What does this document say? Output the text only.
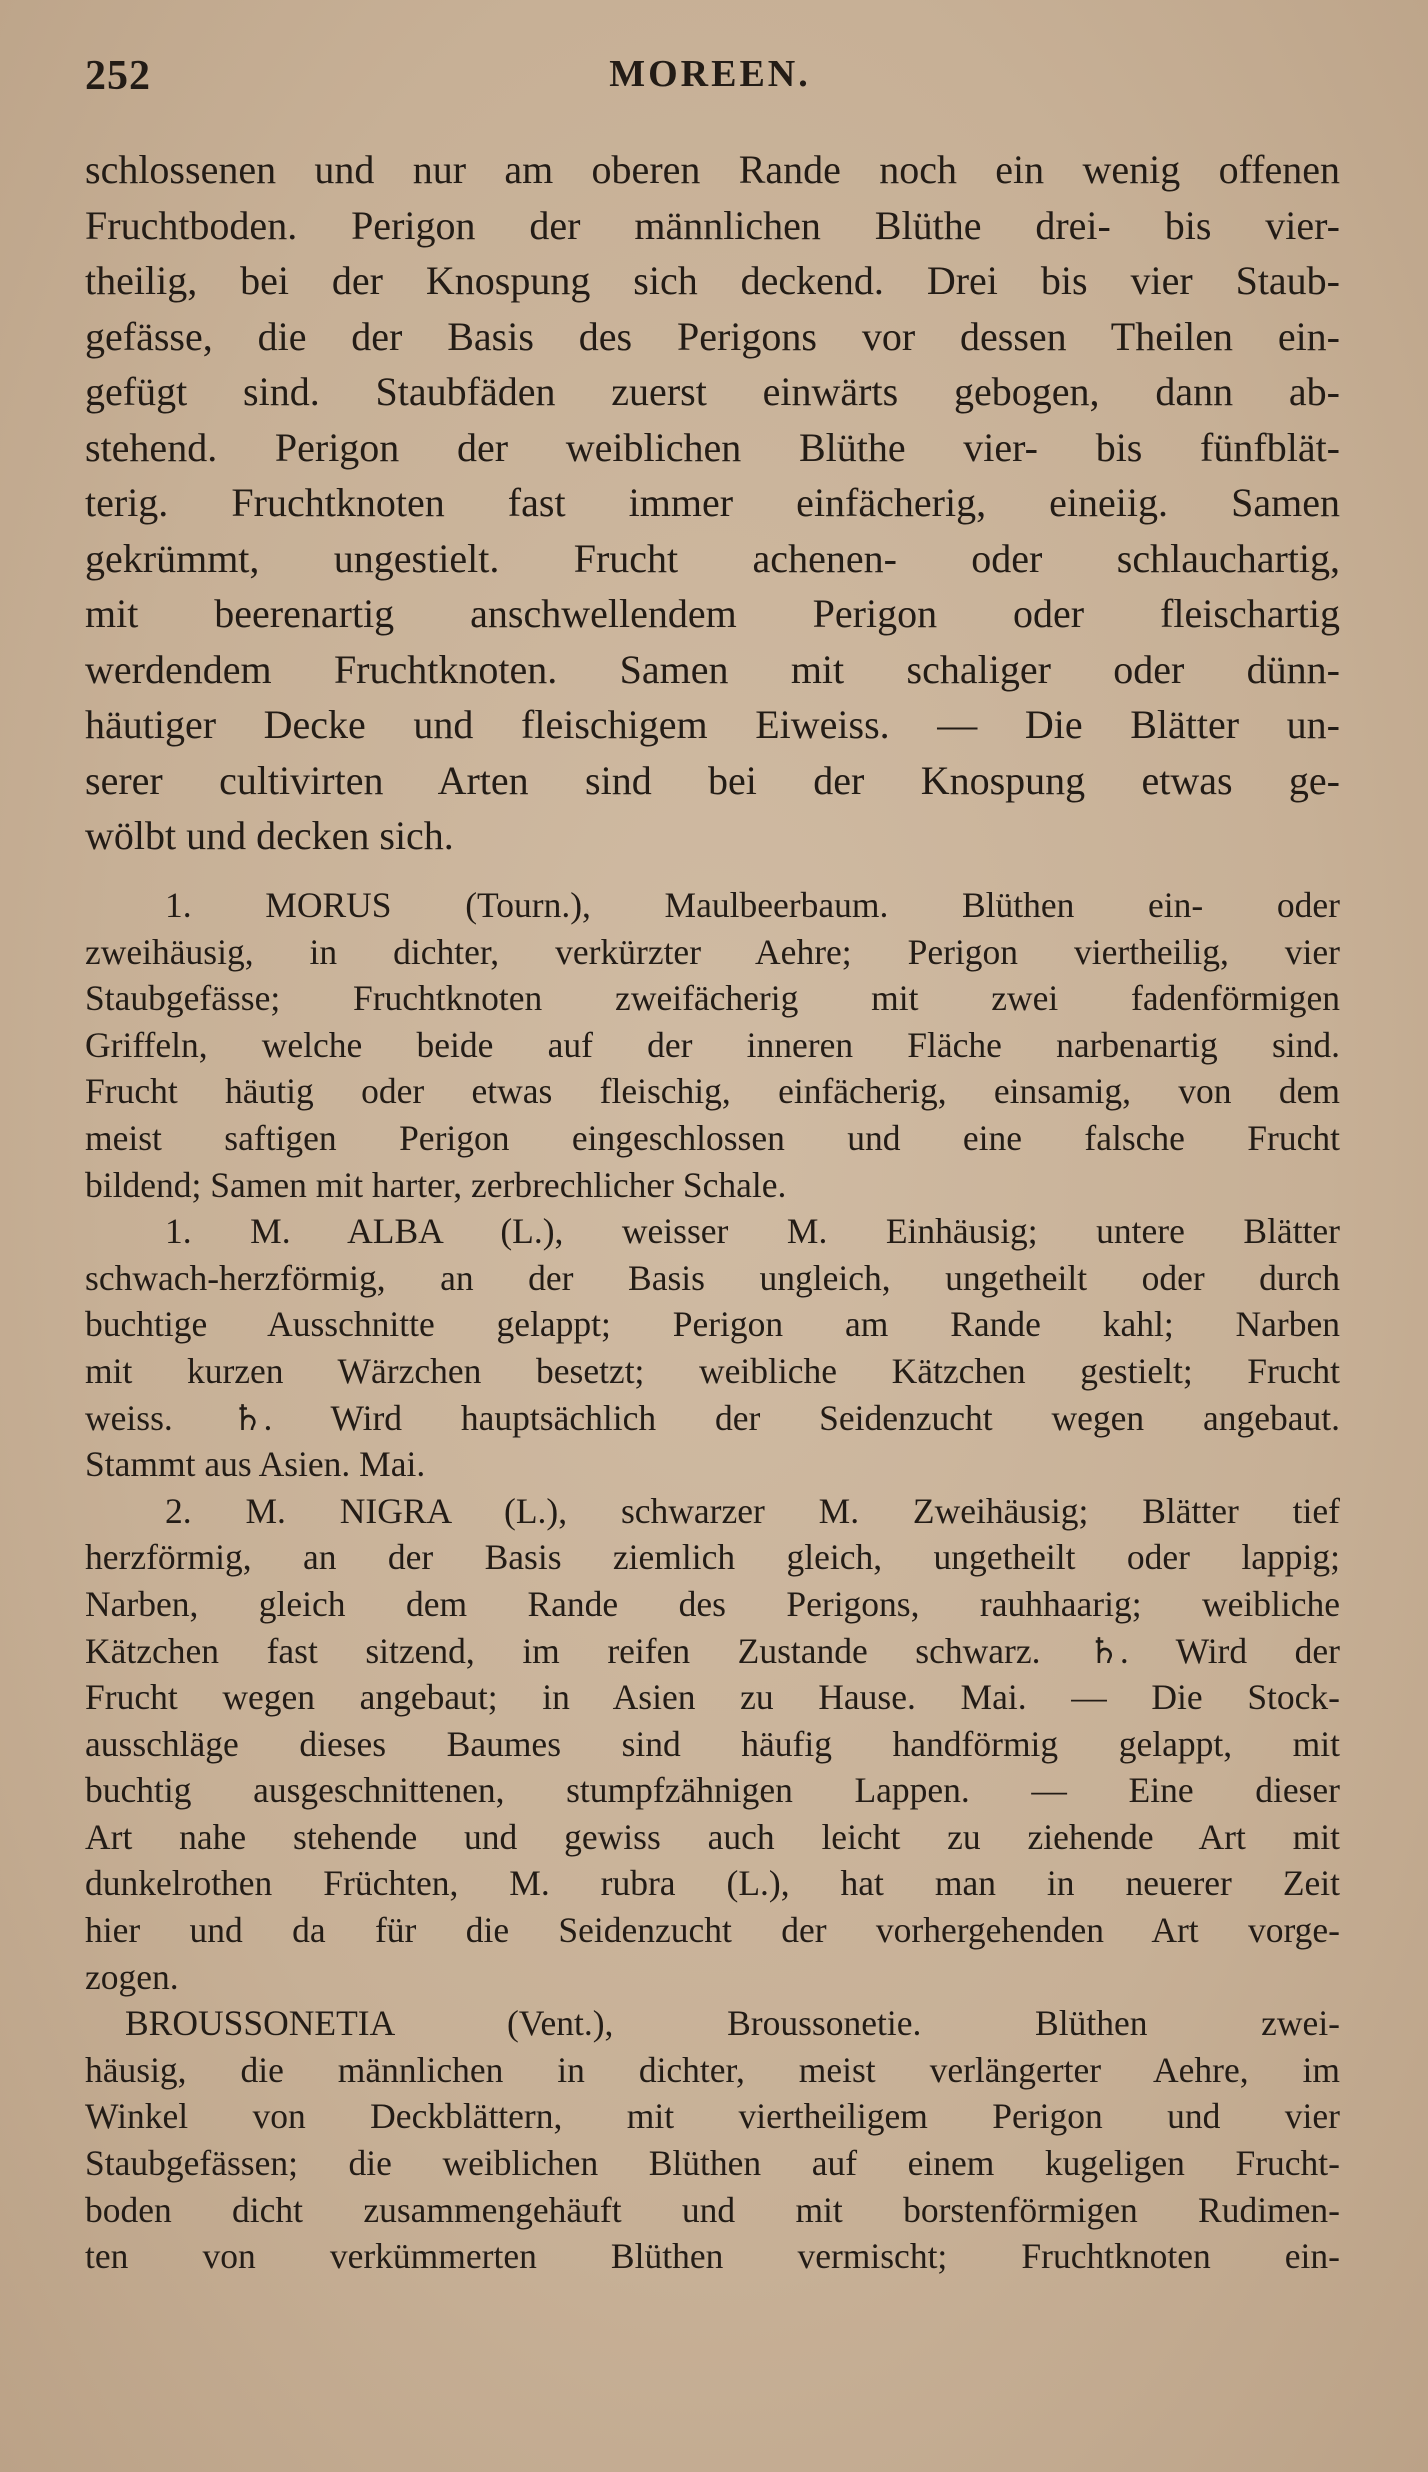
252	MOREEN.
schlossenen und nur am oberen Rande noch ein wenig offenen
Fruchtboden. Perigon der männlichen Blüthe drei- bis vier-
theilig, bei der Knospung sich deckend. Drei bis vier Staub-
gefässe, die der Basis des Perigons vor dessen Theilen ein-
gefügt sind. Staubfäden zuerst einwärts gebogen, dann ab-
stehend. Perigon der weiblichen Blüthe vier- bis fünfblät-
terig. Fruchtknoten fast immer einfächerig, eineiig. Samen
gekrümmt, ungestielt. Frucht achenen- oder schlauchartig,
mit beerenartig anschwellendem Perigon oder fleischartig
werdendem Fruchtknoten. Samen mit schaliger oder dünn-
häutiger Decke und fleischigem Eiweiss. — Die Blätter un-
serer cultivirten Arten sind bei der Knospung etwas ge-
wölbt und decken sich.
1. MORUS (Tourn.), Maulbeerbaum. Blüthen ein- oder
zweihäusig, in dichter, verkürzter Aehre; Perigon viertheilig, vier
Staubgefässe; Fruchtknoten zweifächerig mit zwei fadenförmigen
Griffeln, welche beide auf der inneren Fläche narbenartig sind.
Frucht häutig oder etwas fleischig, einfächerig, einsamig, von dem
meist saftigen Perigon eingeschlossen und eine falsche Frucht
bildend; Samen mit harter, zerbrechlicher Schale.
1. M. ALBA (L.), weisser M. Einhäusig; untere Blätter
schwach-herzförmig, an der Basis ungleich, ungetheilt oder durch
buchtige Ausschnitte gelappt; Perigon am Rande kahl; Narben
mit kurzen Wärzchen besetzt; weibliche Kätzchen gestielt; Frucht
weiss. ♄. Wird hauptsächlich der Seidenzucht wegen angebaut.
Stammt aus Asien. Mai.
2. M. NIGRA (L.), schwarzer M. Zweihäusig; Blätter tief
herzförmig, an der Basis ziemlich gleich, ungetheilt oder lappig;
Narben, gleich dem Rande des Perigons, rauhhaarig; weibliche
Kätzchen fast sitzend, im reifen Zustande schwarz. ♄. Wird der
Frucht wegen angebaut; in Asien zu Hause. Mai. — Die Stock-
ausschläge dieses Baumes sind häufig handförmig gelappt, mit
buchtig ausgeschnittenen, stumpfzähnigen Lappen. — Eine dieser
Art nahe stehende und gewiss auch leicht zu ziehende Art mit
dunkelrothen Früchten, M. rubra (L.), hat man in neuerer Zeit
hier und da für die Seidenzucht der vorhergehenden Art vorge-
zogen.
BROUSSONETIA (Vent.), Broussonetie. Blüthen zwei-
häusig, die männlichen in dichter, meist verlängerter Aehre, im
Winkel von Deckblättern, mit viertheiligem Perigon und vier
Staubgefässen; die weiblichen Blüthen auf einem kugeligen Frucht-
boden dicht zusammengehäuft und mit borstenförmigen Rudimen-
ten von verkümmerten Blüthen vermischt; Fruchtknoten ein-
